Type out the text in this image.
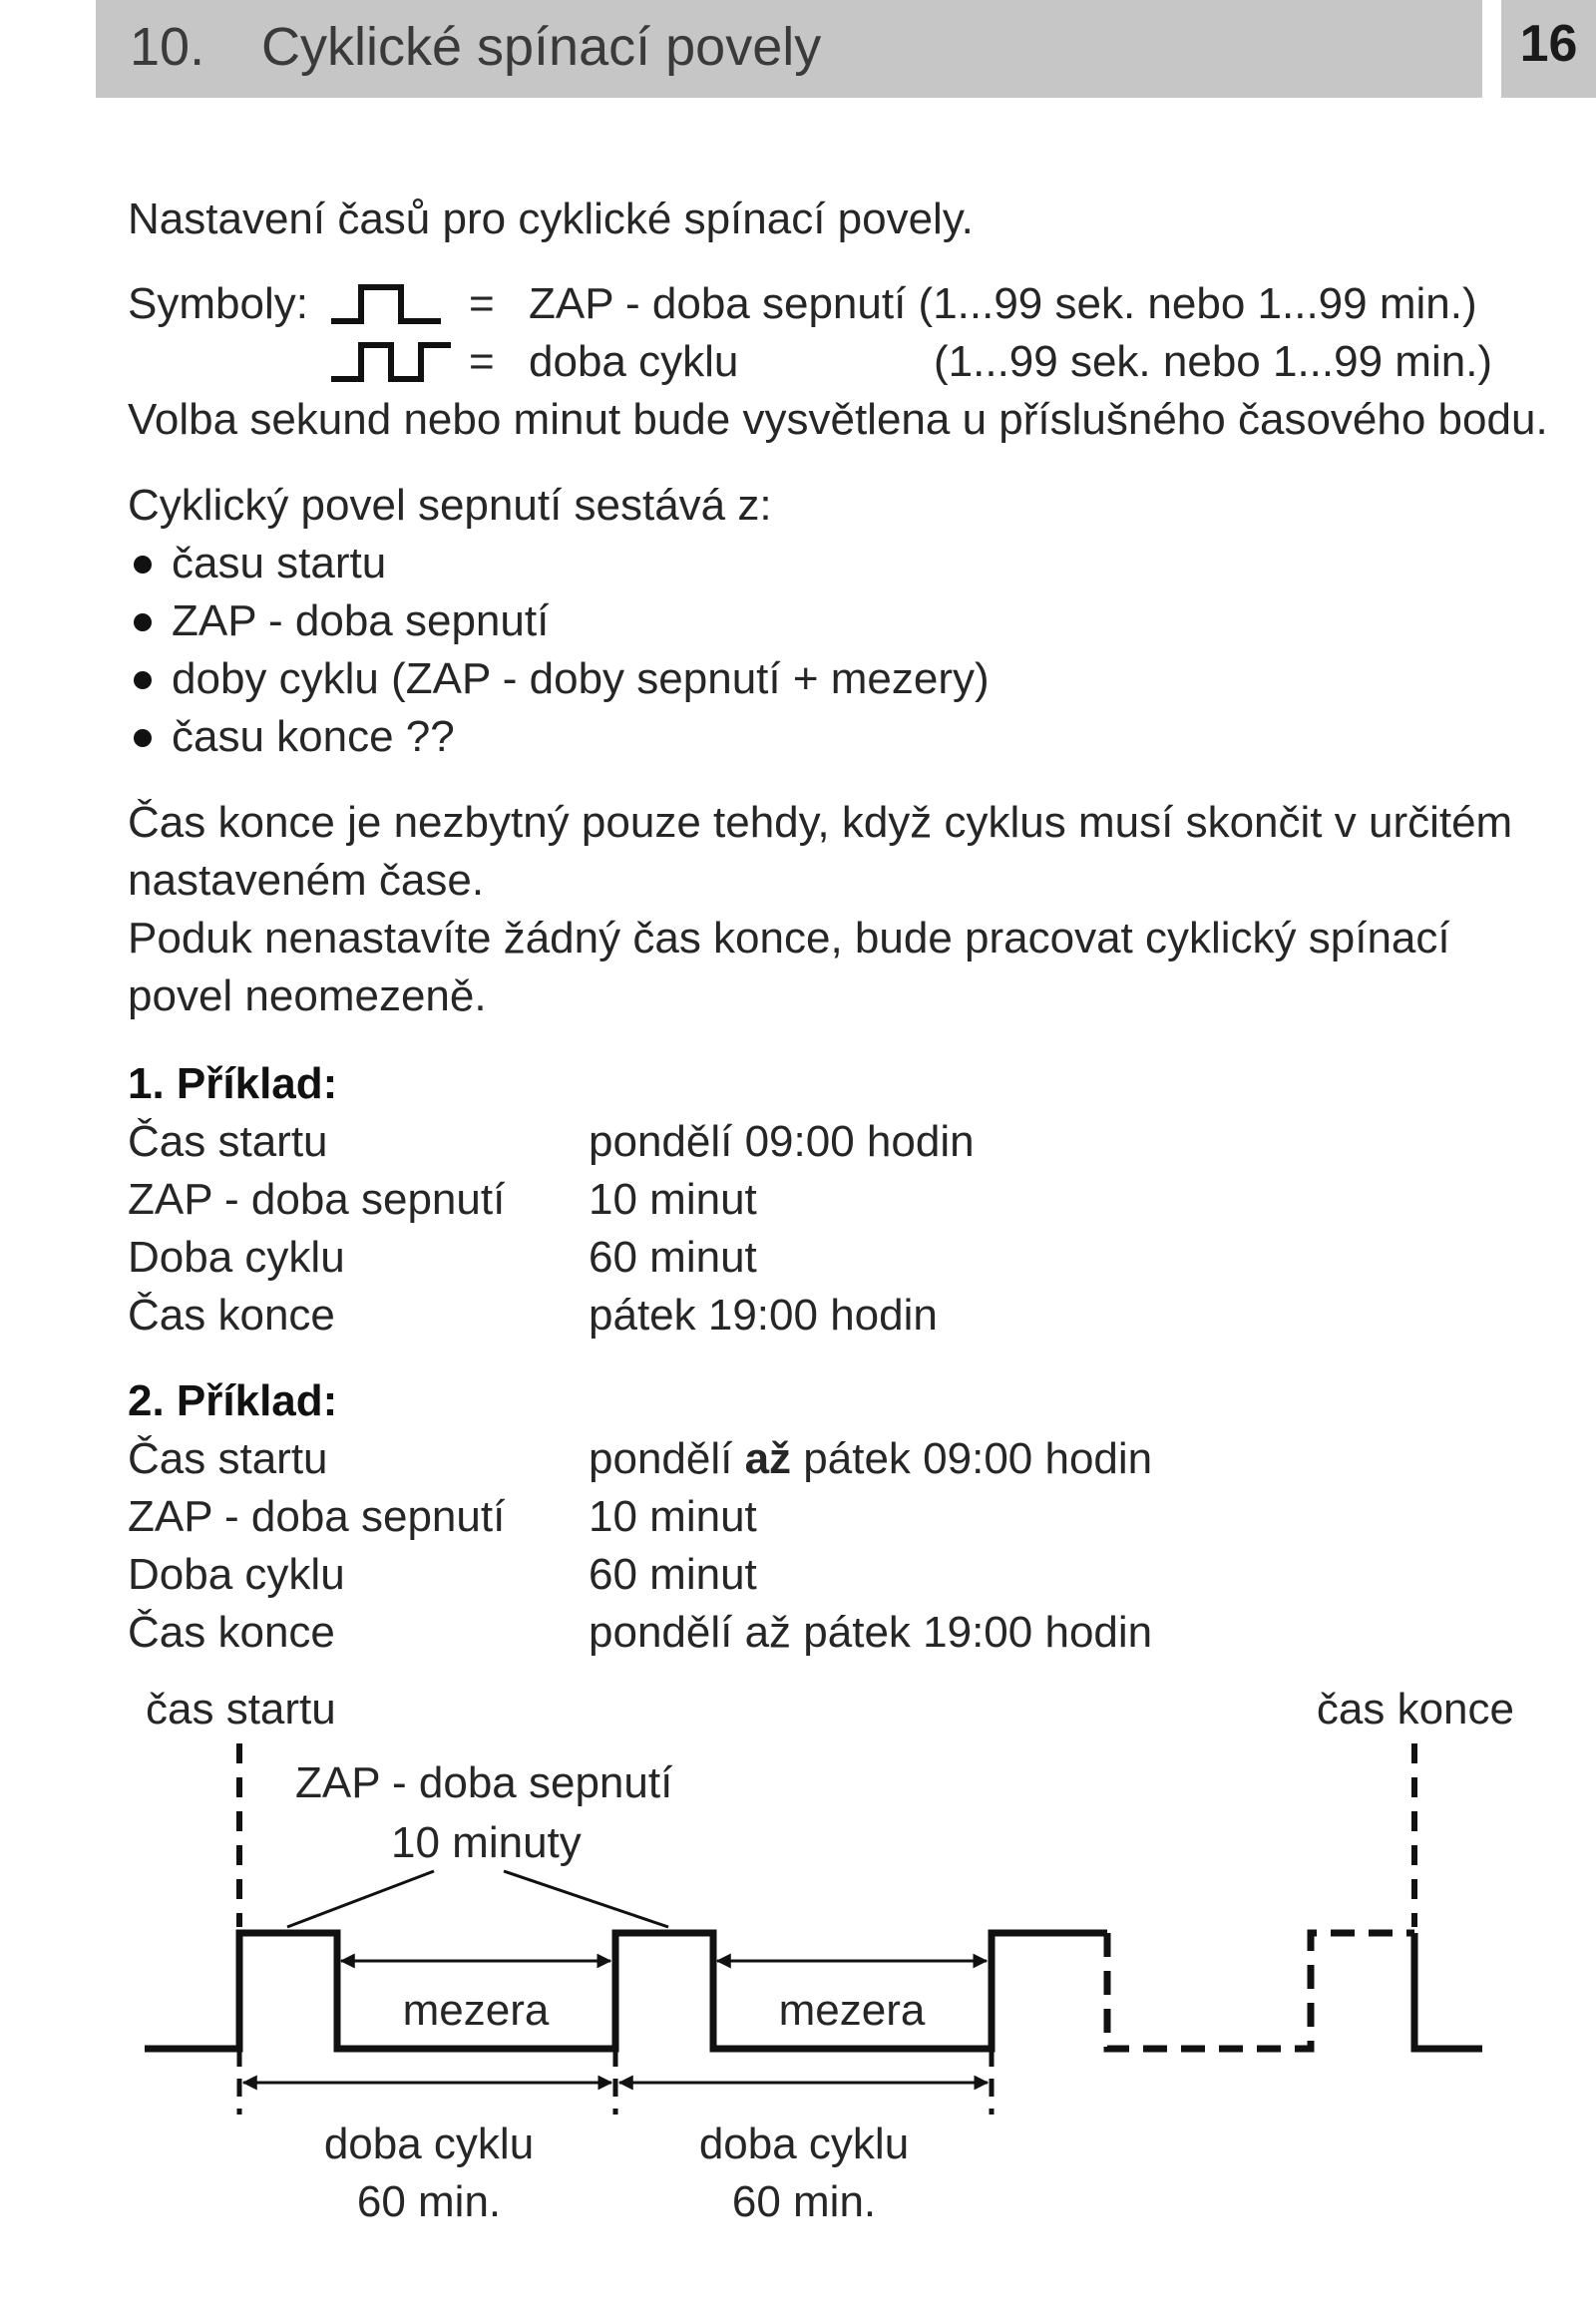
10. Cyklické spínací povely	16
Nastavení časů pro cyklické spínací povely.
Symboly:	= ZAP - doba sepnutí (1...99 sek. nebo 1...99 min.)
= doba cyklu	(1...99 sek. nebo 1...99 min.)
Volba sekund nebo minut bude vysvětlena u příslušného časového bodu.
Cyklický povel sepnutí sestává z:
času startu
ZAP - doba sepnutí
doby cyklu (ZAP - doby sepnutí + mezery)
času konce ??
Čas konce je nezbytný pouze tehdy, když cyklus musí skončit v určitém
nastaveném čase.
Poduk nenastavíte žádný čas konce, bude pracovat cyklický spínací
povel neomezeně.
1. Příklad:
Čas startu	pondělí 09:00 hodin
ZAP - doba sepnutí 10 minut
Doba cyklu	60 minut
Čas konce	pátek 19:00 hodin
2. Příklad:
Čas startu	pondělí až pátek 09:00 hodin
ZAP - doba sepnutí 10 minut
Doba cyklu	60 minut
Čas konce	pondělí až pátek 19:00 hodin
čas startu	čas konce
ZAP - doba sepnutí
10 minuty
mezera	mezera
doba cyklu
60 min.
doba cyklu
60 min.
